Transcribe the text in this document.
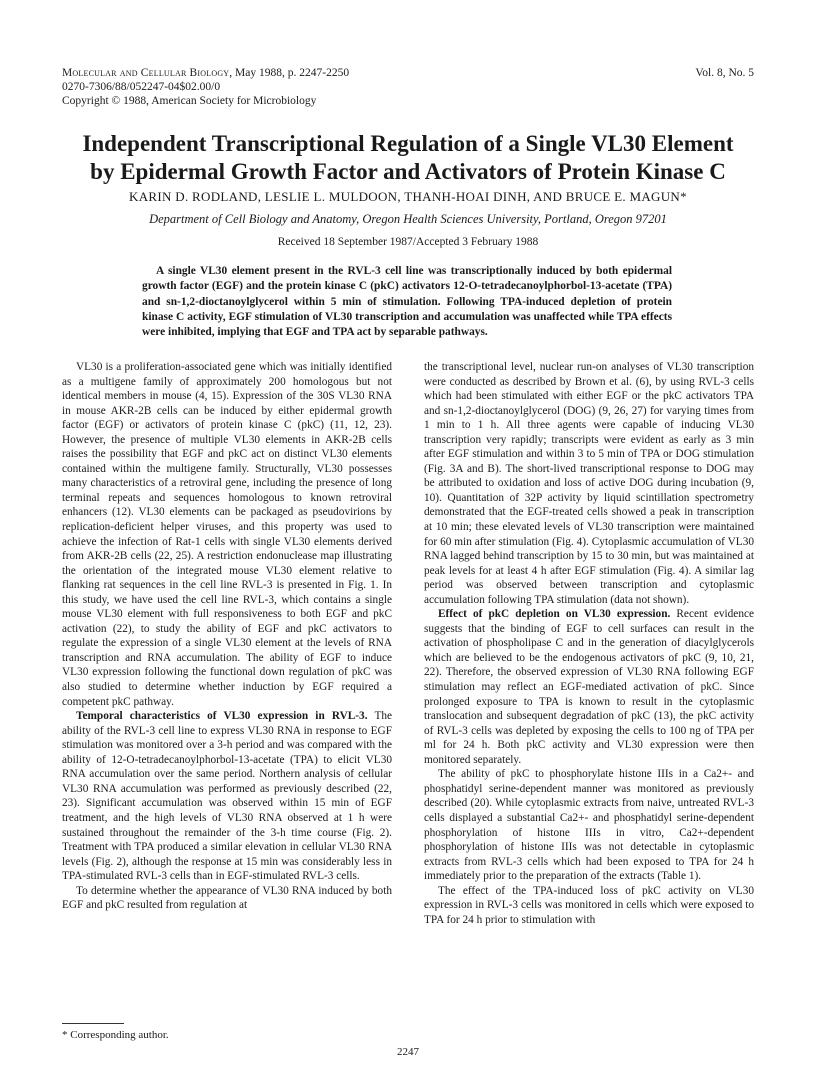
Molecular and Cellular Biology, May 1988, p. 2247-2250	Vol. 8, No. 5
0270-7306/88/052247-04$02.00/0
Copyright © 1988, American Society for Microbiology
Independent Transcriptional Regulation of a Single VL30 Element
by Epidermal Growth Factor and Activators of Protein Kinase C
KARIN D. RODLAND, LESLIE L. MULDOON, THANH-HOAI DINH, AND BRUCE E. MAGUN*
Department of Cell Biology and Anatomy, Oregon Health Sciences University, Portland, Oregon 97201
Received 18 September 1987/Accepted 3 February 1988
A single VL30 element present in the RVL-3 cell line was transcriptionally induced by both epidermal growth factor (EGF) and the protein kinase C (pkC) activators 12-O-tetradecanoylphorbol-13-acetate (TPA) and sn-1,2-dioctanoylglycerol within 5 min of stimulation. Following TPA-induced depletion of protein kinase C activity, EGF stimulation of VL30 transcription and accumulation was unaffected while TPA effects were inhibited, implying that EGF and TPA act by separable pathways.

VL30 is a proliferation-associated gene which was initially identified as a multigene family of approximately 200 homologous but not identical members in mouse (4, 15). Expression of the 30S VL30 RNA in mouse AKR-2B cells can be induced by either epidermal growth factor (EGF) or activators of protein kinase C (pkC) (11, 12, 23). However, the presence of multiple VL30 elements in AKR-2B cells raises the possibility that EGF and pkC act on distinct VL30 elements contained within the multigene family. Structurally, VL30 possesses many characteristics of a retroviral gene, including the presence of long terminal repeats and sequences homologous to known retroviral enhancers (12). VL30 elements can be packaged as pseudovirions by replication-deficient helper viruses, and this property was used to achieve the infection of Rat-1 cells with single VL30 elements derived from AKR-2B cells (22, 25). A restriction endonuclease map illustrating the orientation of the integrated mouse VL30 element relative to flanking rat sequences in the cell line RVL-3 is presented in Fig. 1. In this study, we have used the cell line RVL-3, which contains a single mouse VL30 element with full responsiveness to both EGF and pkC activation (22), to study the ability of EGF and pkC activators to regulate the expression of a single VL30 element at the levels of RNA transcription and RNA accumulation. The ability of EGF to induce VL30 expression following the functional down regulation of pkC was also studied to determine whether induction by EGF required a competent pkC pathway.

Temporal characteristics of VL30 expression in RVL-3. The ability of the RVL-3 cell line to express VL30 RNA in response to EGF stimulation was monitored over a 3-h period and was compared with the ability of 12-O-tetradecanoylphorbol-13-acetate (TPA) to elicit VL30 RNA accumulation over the same period. Northern analysis of cellular VL30 RNA accumulation was performed as previously described (22, 23). Significant accumulation was observed within 15 min of EGF treatment, and the high levels of VL30 RNA observed at 1 h were sustained throughout the remainder of the 3-h time course (Fig. 2). Treatment with TPA produced a similar elevation in cellular VL30 RNA levels (Fig. 2), although the response at 15 min was considerably less in TPA-stimulated RVL-3 cells than in EGF-stimulated RVL-3 cells.

To determine whether the appearance of VL30 RNA induced by both EGF and pkC resulted from regulation at

the transcriptional level, nuclear run-on analyses of VL30 transcription were conducted as described by Brown et al. (6), by using RVL-3 cells which had been stimulated with either EGF or the pkC activators TPA and sn-1,2-dioctanoylglycerol (DOG) (9, 26, 27) for varying times from 1 min to 1 h. All three agents were capable of inducing VL30 transcription very rapidly; transcripts were evident as early as 3 min after EGF stimulation and within 3 to 5 min of TPA or DOG stimulation (Fig. 3A and B). The short-lived transcriptional response to DOG may be attributed to oxidation and loss of active DOG during incubation (9, 10). Quantitation of 32P activity by liquid scintillation spectrometry demonstrated that the EGF-treated cells showed a peak in transcription at 10 min; these elevated levels of VL30 transcription were maintained for 60 min after stimulation (Fig. 4). Cytoplasmic accumulation of VL30 RNA lagged behind transcription by 15 to 30 min, but was maintained at peak levels for at least 4 h after EGF stimulation (Fig. 4). A similar lag period was observed between transcription and cytoplasmic accumulation following TPA stimulation (data not shown).

Effect of pkC depletion on VL30 expression. Recent evidence suggests that the binding of EGF to cell surfaces can result in the activation of phospholipase C and in the generation of diacylglycerols which are believed to be the endogenous activators of pkC (9, 10, 21, 22). Therefore, the observed expression of VL30 RNA following EGF stimulation may reflect an EGF-mediated activation of pkC. Since prolonged exposure to TPA is known to result in the cytoplasmic translocation and subsequent degradation of pkC (13), the pkC activity of RVL-3 cells was depleted by exposing the cells to 100 ng of TPA per ml for 24 h. Both pkC activity and VL30 expression were then monitored separately.

The ability of pkC to phosphorylate histone IIIs in a Ca2+- and phosphatidyl serine-dependent manner was monitored as previously described (20). While cytoplasmic extracts from naive, untreated RVL-3 cells displayed a substantial Ca2+- and phosphatidyl serine-dependent phosphorylation of histone IIIs in vitro, Ca2+-dependent phosphorylation of histone IIIs was not detectable in cytoplasmic extracts from RVL-3 cells which had been exposed to TPA for 24 h immediately prior to the preparation of the extracts (Table 1).

The effect of the TPA-induced loss of pkC activity on VL30 expression in RVL-3 cells was monitored in cells which were exposed to TPA for 24 h prior to stimulation with

* Corresponding author.
2247
